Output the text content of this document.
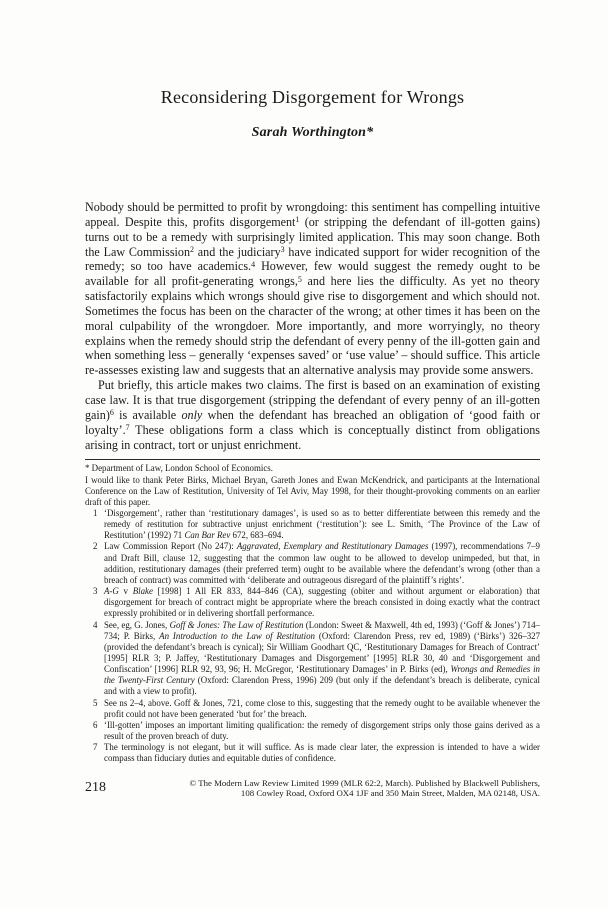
Reconsidering Disgorgement for Wrongs
Sarah Worthington*

Nobody should be permitted to profit by wrongdoing: this sentiment has compelling intuitive appeal. Despite this, profits disgorgement$^1$ (or stripping the defendant of ill-gotten gains) turns out to be a remedy with surprisingly limited application. This may soon change. Both the Law Commission$^2$ and the judiciary$^3$ have indicated support for wider recognition of the remedy; so too have academics.$^4$ However, few would suggest the remedy ought to be available for all profit-generating wrongs,$^5$ and here lies the difficulty. As yet no theory satisfactorily explains which wrongs should give rise to disgorgement and which should not. Sometimes the focus has been on the character of the wrong; at other times it has been on the moral culpability of the wrongdoer. More importantly, and more worryingly, no theory explains when the remedy should strip the defendant of every penny of the ill-gotten gain and when something less – generally ‘expenses saved’ or ‘use value’ – should suffice. This article re-assesses existing law and suggests that an alternative analysis may provide some answers.

Put briefly, this article makes two claims. The first is based on an examination of existing case law. It is that true disgorgement (stripping the defendant of every penny of an ill-gotten gain)$^6$ is available only when the defendant has breached an obligation of ‘good faith or loyalty’.$^7$ These obligations form a class which is conceptually distinct from obligations arising in contract, tort or unjust enrichment.

* Department of Law, London School of Economics.

I would like to thank Peter Birks, Michael Bryan, Gareth Jones and Ewan McKendrick, and participants at the International Conference on the Law of Restitution, University of Tel Aviv, May 1998, for their thought-provoking comments on an earlier draft of this paper.

1 ‘Disgorgement’, rather than ‘restitutionary damages’, is used so as to better differentiate between this remedy and the remedy of restitution for subtractive unjust enrichment (‘restitution’): see L. Smith, ‘The Province of the Law of Restitution’ (1992) 71 Can Bar Rev 672, 683–694.
2 Law Commission Report (No 247): Aggravated, Exemplary and Restitutionary Damages (1997), recommendations 7–9 and Draft Bill, clause 12, suggesting that the common law ought to be allowed to develop unimpeded, but that, in addition, restitutionary damages (their preferred term) ought to be available where the defendant’s wrong (other than a breach of contract) was committed with ‘deliberate and outrageous disregard of the plaintiff’s rights’.
3 A-G v Blake [1998] 1 All ER 833, 844–846 (CA), suggesting (obiter and without argument or elaboration) that disgorgement for breach of contract might be appropriate where the breach consisted in doing exactly what the contract expressly prohibited or in delivering shortfall performance.
4 See, eg, G. Jones, Goff & Jones: The Law of Restitution (London: Sweet & Maxwell, 4th ed, 1993) (‘Goff & Jones’) 714–734; P. Birks, An Introduction to the Law of Restitution (Oxford: Clarendon Press, rev ed, 1989) (‘Birks’) 326–327 (provided the defendant’s breach is cynical); Sir William Goodhart QC, ‘Restitutionary Damages for Breach of Contract’ [1995] RLR 3; P. Jaffey, ‘Restitutionary Damages and Disgorgement’ [1995] RLR 30, 40 and ‘Disgorgement and Confiscation’ [1996] RLR 92, 93, 96; H. McGregor, ‘Restitutionary Damages’ in P. Birks (ed), Wrongs and Remedies in the Twenty-First Century (Oxford: Clarendon Press, 1996) 209 (but only if the defendant’s breach is deliberate, cynical and with a view to profit).
5 See ns 2–4, above. Goff & Jones, 721, come close to this, suggesting that the remedy ought to be available whenever the profit could not have been generated ‘but for’ the breach.
6 ‘Ill-gotten’ imposes an important limiting qualification: the remedy of disgorgement strips only those gains derived as a result of the proven breach of duty.
7 The terminology is not elegant, but it will suffice. As is made clear later, the expression is intended to have a wider compass than fiduciary duties and equitable duties of confidence.
218	© The Modern Law Review Limited 1999 (MLR 62:2, March). Published by Blackwell Publishers,
108 Cowley Road, Oxford OX4 1JF and 350 Main Street, Malden, MA 02148, USA.
